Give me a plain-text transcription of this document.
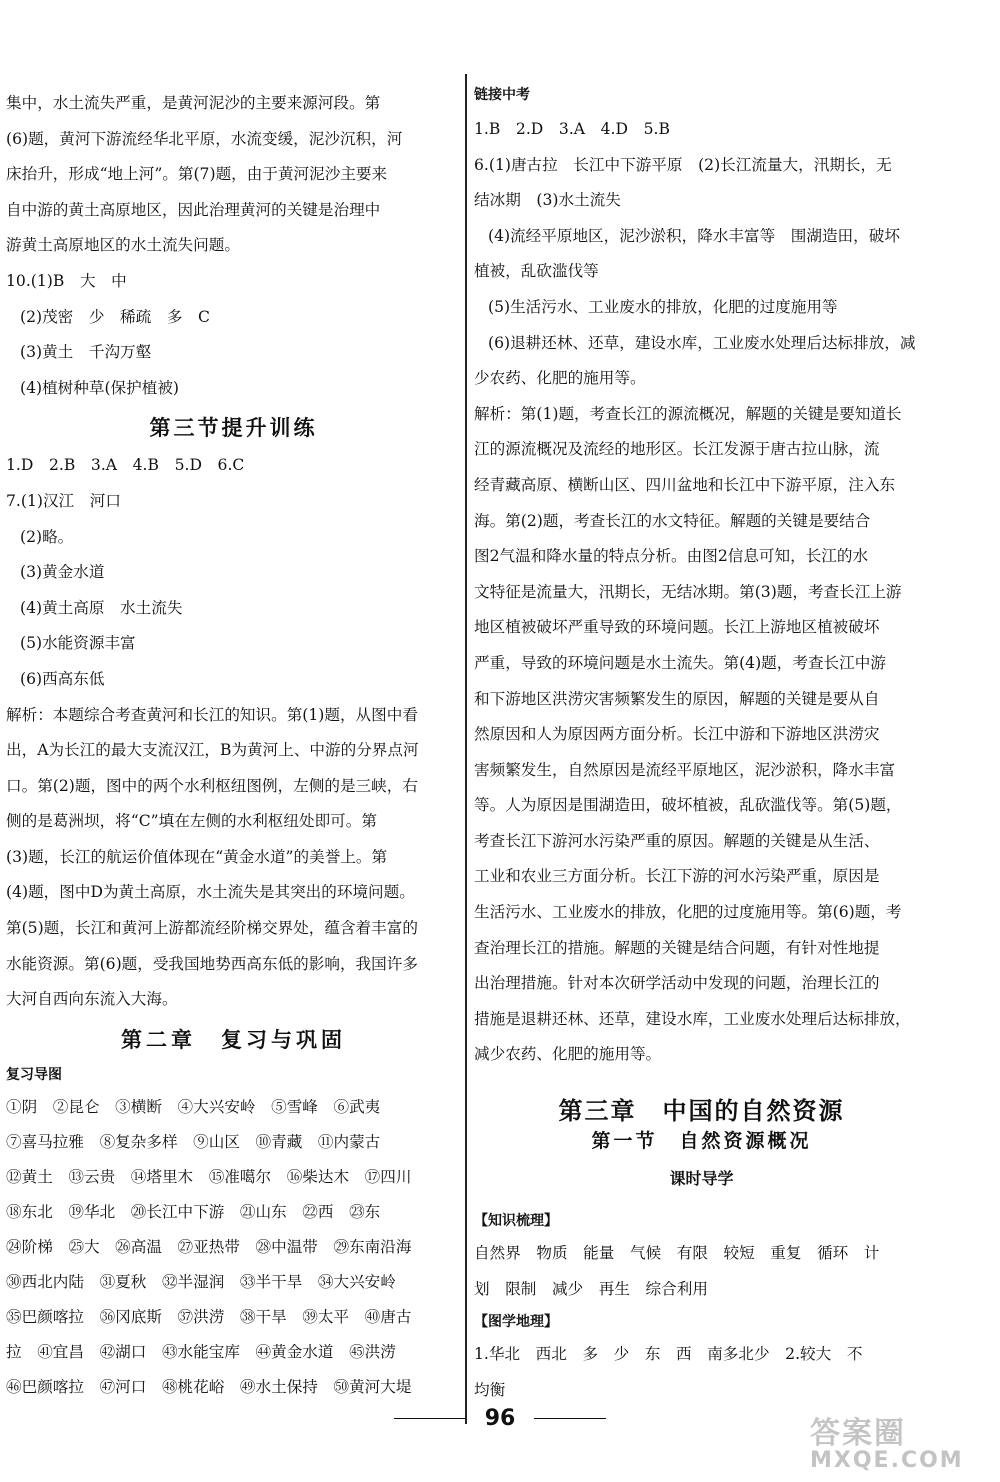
集中，水土流失严重，是黄河泥沙的主要来源河段。第

(6)题，黄河下游流经华北平原，水流变缓，泥沙沉积，河

床抬升，形成“地上河”。第(7)题，由于黄河泥沙主要来

自中游的黄土高原地区，因此治理黄河的关键是治理中

游黄土高原地区的水土流失问题。

10.(1)B　大　中

(2)茂密　少　稀疏　多　C

(3)黄土　千沟万壑

(4)植树种草(保护植被)

第三节提升训练

1.D　2.B　3.A　4.B　5.D　6.C

7.(1)汉江　河口

(2)略。

(3)黄金水道

(4)黄土高原　水土流失

(5)水能资源丰富

(6)西高东低

解析：本题综合考查黄河和长江的知识。第(1)题，从图中看

出，A为长江的最大支流汉江，B为黄河上、中游的分界点河

口。第(2)题，图中的两个水利枢纽图例，左侧的是三峡，右

侧的是葛洲坝，将“C”填在左侧的水利枢纽处即可。第

(3)题，长江的航运价值体现在“黄金水道”的美誉上。第

(4)题，图中D为黄土高原，水土流失是其突出的环境问题。

第(5)题，长江和黄河上游都流经阶梯交界处，蕴含着丰富的

水能资源。第(6)题，受我国地势西高东低的影响，我国许多

大河自西向东流入大海。

第二章　复习与巩固
复习导图

①阴　②昆仑　③横断　④大兴安岭　⑤雪峰　⑥武夷

⑦喜马拉雅　⑧复杂多样　⑨山区　⑩青藏　⑪内蒙古

⑫黄土　⑬云贵　⑭塔里木　⑮准噶尔　⑯柴达木　⑰四川

⑱东北　⑲华北　⑳长江中下游　㉑山东　㉒西　㉓东

㉔阶梯　㉕大　㉖高温　㉗亚热带　㉘中温带　㉙东南沿海

㉚西北内陆　㉛夏秋　㉜半湿润　㉝半干旱　㉞大兴安岭

㉟巴颜喀拉　㊱冈底斯　㊲洪涝　㊳干旱　㊴太平　㊵唐古

拉　㊶宜昌　㊷湖口　㊸水能宝库　㊹黄金水道　㊺洪涝

㊻巴颜喀拉　㊼河口　㊽桃花峪　㊾水土保持　㊿黄河大堤

链接中考

1.B　2.D　3.A　4.D　5.B

6.(1)唐古拉　长江中下游平原　(2)长江流量大，汛期长，无

结冰期　(3)水土流失

(4)流经平原地区，泥沙淤积，降水丰富等　围湖造田，破坏

植被，乱砍滥伐等

(5)生活污水、工业废水的排放，化肥的过度施用等

(6)退耕还林、还草，建设水库，工业废水处理后达标排放，减

少农药、化肥的施用等。

解析：第(1)题，考查长江的源流概况，解题的关键是要知道长

江的源流概况及流经的地形区。长江发源于唐古拉山脉，流

经青藏高原、横断山区、四川盆地和长江中下游平原，注入东

海。第(2)题，考查长江的水文特征。解题的关键是要结合

图2气温和降水量的特点分析。由图2信息可知，长江的水

文特征是流量大，汛期长，无结冰期。第(3)题，考查长江上游

地区植被破坏严重导致的环境问题。长江上游地区植被破坏

严重，导致的环境问题是水土流失。第(4)题，考查长江中游

和下游地区洪涝灾害频繁发生的原因，解题的关键是要从自

然原因和人为原因两方面分析。长江中游和下游地区洪涝灾

害频繁发生，自然原因是流经平原地区，泥沙淤积，降水丰富

等。人为原因是围湖造田，破坏植被，乱砍滥伐等。第(5)题，

考查长江下游河水污染严重的原因。解题的关键是从生活、

工业和农业三方面分析。长江下游的河水污染严重，原因是

生活污水、工业废水的排放，化肥的过度施用等。第(6)题，考

查治理长江的措施。解题的关键是结合问题，有针对性地提

出治理措施。针对本次研学活动中发现的问题，治理长江的

措施是退耕还林、还草，建设水库，工业废水处理后达标排放，

减少农药、化肥的施用等。

第三章　中国的自然资源
第一节　自然资源概况
课时导学
【知识梳理】

自然界　物质　能量　气候　有限　较短　重复　循环　计

划　限制　减少　再生　综合利用

【图学地理】

1.华北　西北　多　少　东　西　南多北少　2.较大　不

均衡

96	答案圈
MXQE.COM
